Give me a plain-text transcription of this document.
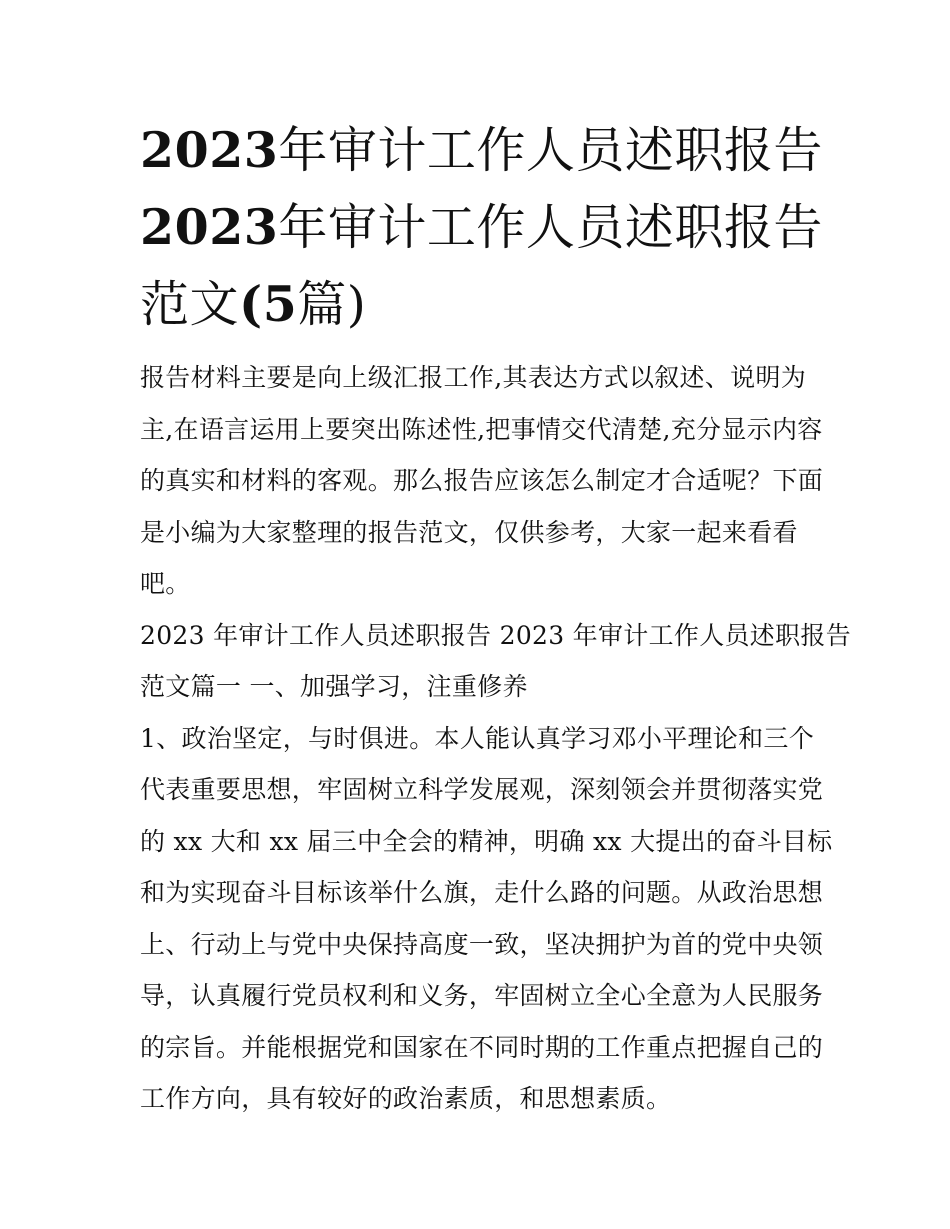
2023年审计工作人员述职报告
2023年审计工作人员述职报告
范文(5篇)

报告材料主要是向上级汇报工作,其表达方式以叙述、说明为
主,在语言运用上要突出陈述性,把事情交代清楚,充分显示内容
的真实和材料的客观。那么报告应该怎么制定才合适呢？下面
是小编为大家整理的报告范文，仅供参考，大家一起来看看
吧。

2023 年审计工作人员述职报告 2023 年审计工作人员述职报告
范文篇一 一、加强学习，注重修养

1、政治坚定，与时俱进。本人能认真学习邓小平理论和三个
代表重要思想，牢固树立科学发展观，深刻领会并贯彻落实党
的 xx 大和 xx 届三中全会的精神，明确 xx 大提出的奋斗目标
和为实现奋斗目标该举什么旗，走什么路的问题。从政治思想
上、行动上与党中央保持高度一致，坚决拥护为首的党中央领
导，认真履行党员权利和义务，牢固树立全心全意为人民服务
的宗旨。并能根据党和国家在不同时期的工作重点把握自己的
工作方向，具有较好的政治素质，和思想素质。
